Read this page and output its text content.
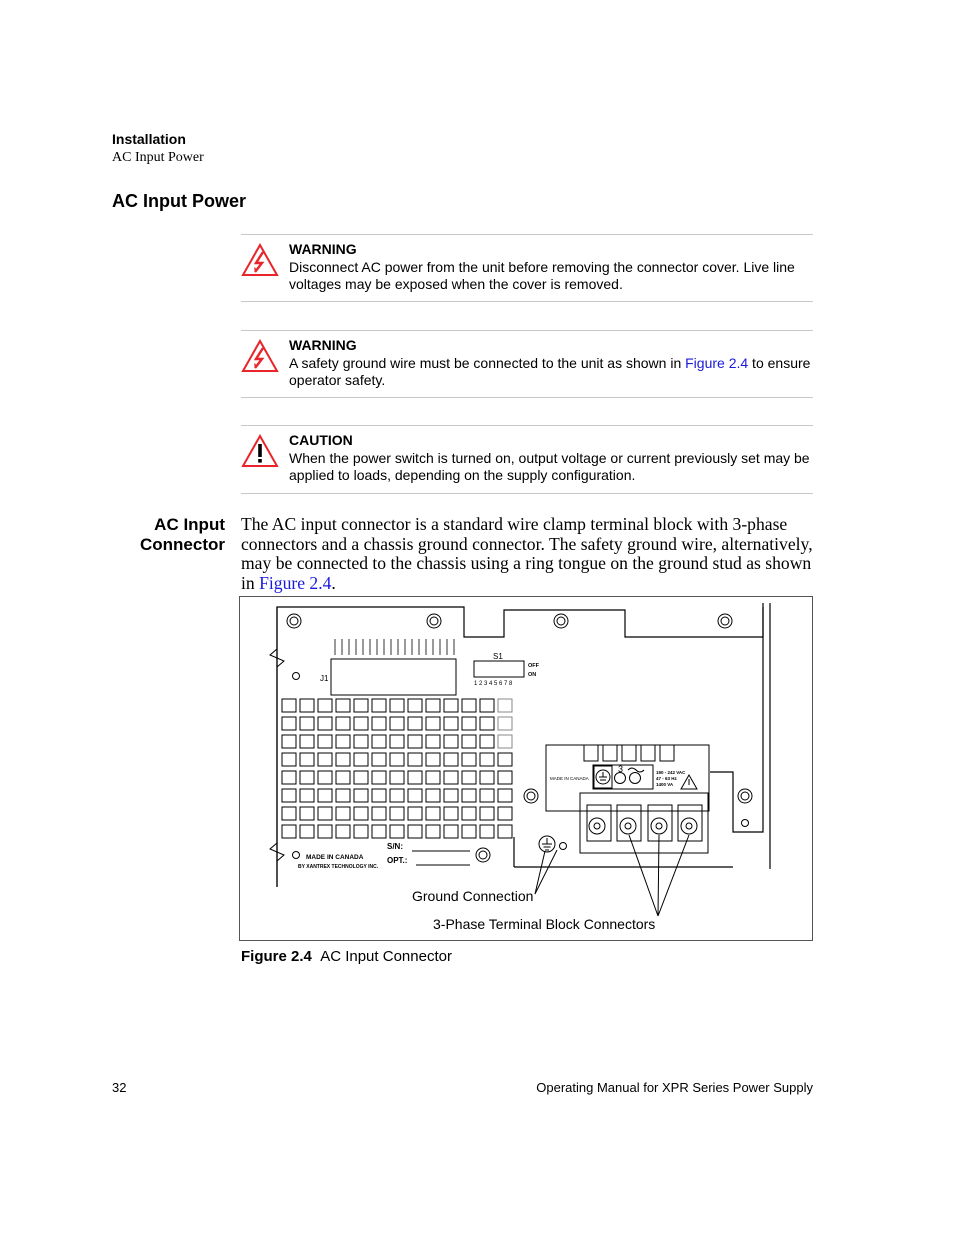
Installation
AC Input Power
AC Input Power
WARNING
Disconnect AC power from the unit before removing the connector cover. Live line voltages may be exposed when the cover is removed.
WARNING
A safety ground wire must be connected to the unit as shown in Figure 2.4 to ensure operator safety.
CAUTION
When the power switch is turned on, output voltage or current previously set may be applied to loads, depending on the supply configuration.
AC Input
Connector
The AC input connector is a standard wire clamp terminal block with 3-phase connectors and a chassis ground connector. The safety ground wire, alternatively, may be connected to the chassis using a ring tongue on the ground stud as shown in Figure 2.4.
J1
S1
OFF
ON
1 2 3 4 5 6 7 8
MADE IN CANADA
BY XANTREX TECHNOLOGY INC.
S/N:
OPT.:
MADE IN CANADA
3	190 - 242 VAC
47 - 63 Hz
1400 VA
Ground Connection
3-Phase Terminal Block Connectors
Figure 2.4 AC Input Connector
32	Operating Manual for XPR Series Power Supply
